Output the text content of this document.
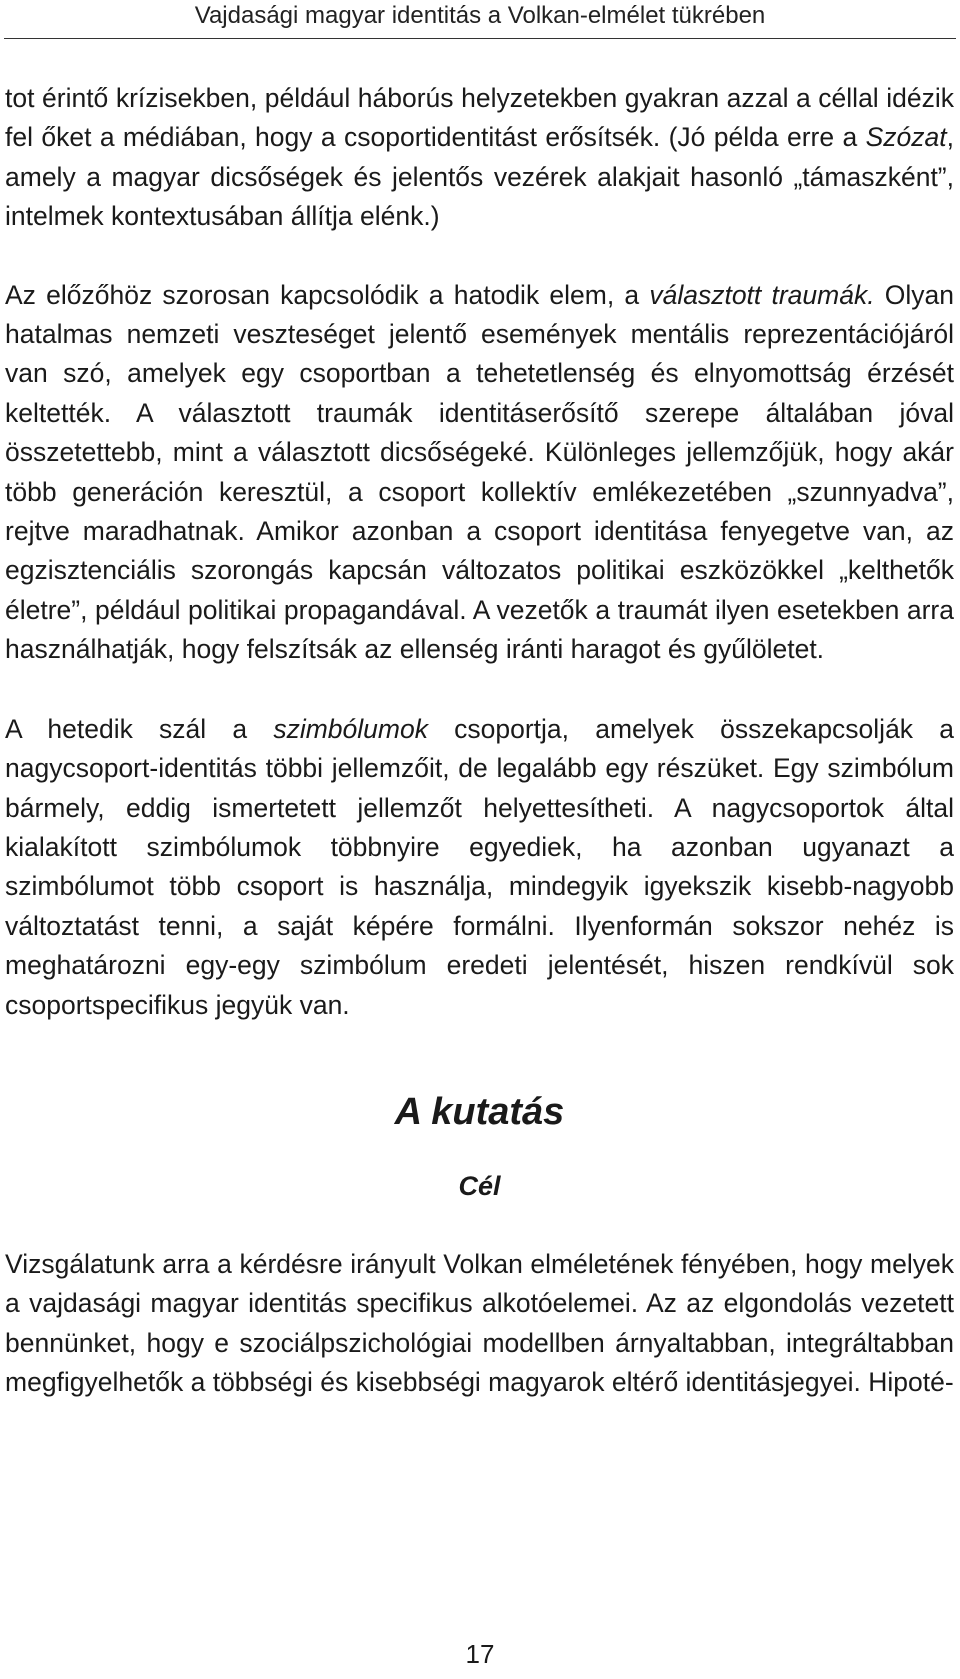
Vajdasági magyar identitás a Volkan-elmélet tükrében

tot érintő krízisekben, például háborús helyzetekben gyakran azzal a céllal idézik fel őket a médiában, hogy a csoportidentitást erősítsék. (Jó példa erre a Szózat, amely a magyar dicsőségek és jelentős vezérek alakjait hasonló „támaszként”, intelmek kontextusában állítja elénk.)

Az előzőhöz szorosan kapcsolódik a hatodik elem, a választott traumák. Olyan hatalmas nemzeti veszteséget jelentő események mentális reprezentációjáról van szó, amelyek egy csoportban a tehetetlenség és elnyomottság érzését keltették. A választott traumák identitáserősítő szerepe általában jóval összetettebb, mint a választott dicsőségeké. Különleges jellemzőjük, hogy akár több generáción keresztül, a csoport kollektív emlékezetében „szunnyadva”, rejtve maradhatnak. Amikor azonban a csoport identitása fenyegetve van, az egzisztenciális szorongás kapcsán változatos politikai eszközökkel „kelthetők életre”, például politikai propagandával. A vezetők a traumát ilyen esetekben arra használhatják, hogy felszítsák az ellenség iránti haragot és gyűlöletet.

A hetedik szál a szimbólumok csoportja, amelyek összekapcsolják a nagycsoport-identitás többi jellemzőit, de legalább egy részüket. Egy szimbólum bármely, eddig ismertetett jellemzőt helyettesítheti. A nagycsoportok által kialakított szimbólumok többnyire egyediek, ha azonban ugyanazt a szimbólumot több csoport is használja, mindegyik igyekszik kisebb-nagyobb változtatást tenni, a saját képére formálni. Ilyenformán sokszor nehéz is meghatározni egy-egy szimbólum eredeti jelentését, hiszen rendkívül sok csoportspecifikus jegyük van.

A kutatás
Cél

Vizsgálatunk arra a kérdésre irányult Volkan elméletének fényében, hogy melyek a vajdasági magyar identitás specifikus alkotóelemei. Az az elgondolás vezetett bennünket, hogy e szociálpszichológiai modellben árnyaltabban, integráltabban megfigyelhetők a többségi és kisebbségi magyarok eltérő identitásjegyei. Hipoté-

17
